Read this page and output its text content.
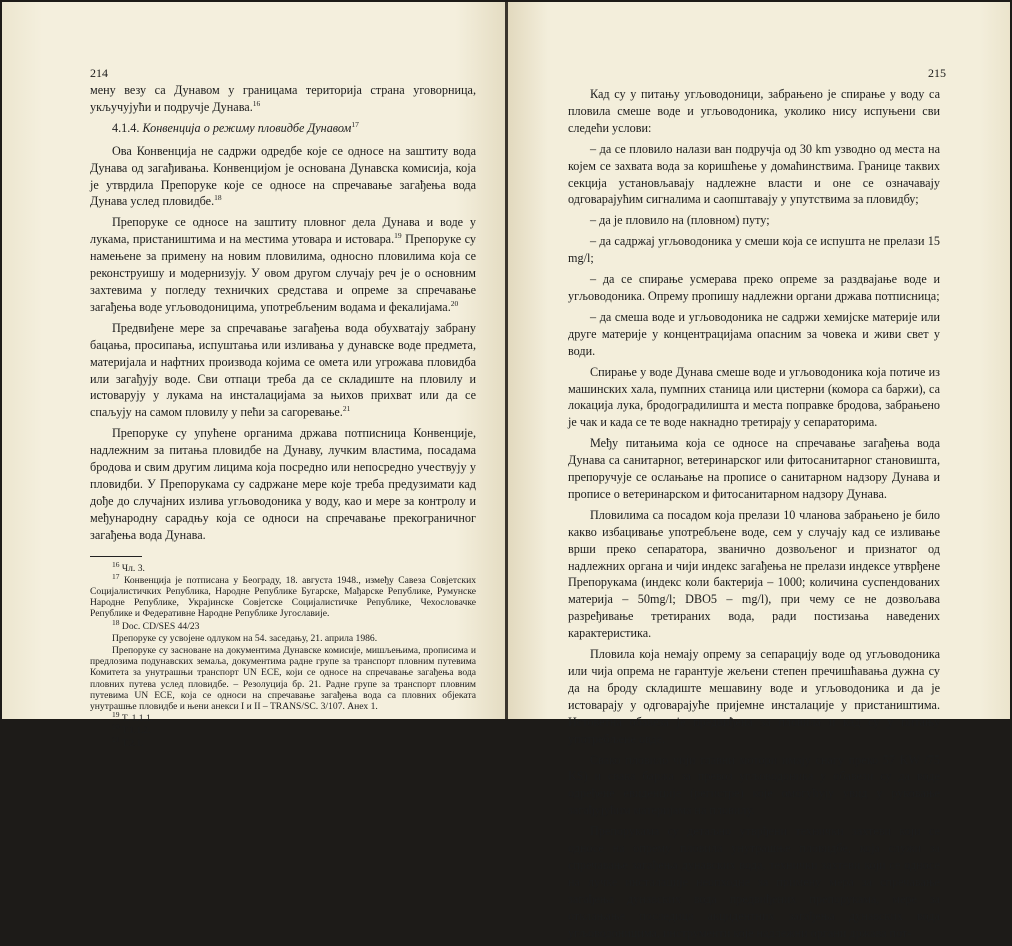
214

мену везу са Дунавом у границама територија страна уговорница, укључујући и подручје Дунава.$^{16}$

4.1.4. Конвенција о режиму пловидбе Дунавом$^{17}$

Ова Конвенција не садржи одредбе које се односе на заштиту вода Дунава од загађивања. Конвенцијом је основана Дунавска комисија, која је утврдила Препоруке које се односе на спречавање загађења вода Дунава услед пловидбе.$^{18}$

Препоруке се односе на заштиту пловног дела Дунава и воде у лукама, пристаништима и на местима утовара и истовара.$^{19}$ Препоруке су намењене за примену на новим пловилима, односно пловилима која се реконструишу и модернизују. У овом другом случају реч је о основним захтевима у погледу техничких средстава и опреме за спречавање загађења воде угљоводоницима, употребљеним водама и фекалијама.$^{20}$

Предвиђене мере за спречавање загађења вода обухватају забрану бацања, просипања, испуштања или изливања у дунавске воде предмета, материјала и нафтних производа којима се омета или угрожава пловидба или загађују воде. Сви отпаци треба да се складиште на пловилу и истоварују у лукама на инсталацијама за њихов прихват или да се спаљују на самом пловилу у пећи за сагоревање.$^{21}$

Препоруке су упућене органима држава потписница Конвенције, надлежним за питања пловидбе на Дунаву, лучким властима, посадама бродова и свим другим лицима која посредно или непосредно учествују у пловидби. У Препорукама су садржане мере које треба предузимати кад дође до случајних излива угљоводоника у воду, као и мере за контролу и међународну сарадњу која се односи на спречавање прекограничног загађења вода Дунава.

$^{16}$ Чл. 3.
$^{17}$ Конвенција је потписана у Београду, 18. августа 1948., између Савеза Совјетских Социјалистичких Република, Народне Републике Бугарске, Мађарске Републике, Румунске Народне Републике, Украјинске Совјетске Социјалистичке Републике, Чехословачке Републике и Федеративне Народне Републике Југославије.
$^{18}$ Doc. CD/SES 44/23
Препоруке су усвојене одлуком на 54. заседању, 21. априла 1986.
Препоруке су засноване на документима Дунавске комисије, мишљењима, прописима и предлозима подунавских земаља, документима радне групе за транспорт пловним путевима Комитета за унутрашњи транспорт UN ECE, који се односе на спречавање загађења вода пловних путева услед пловидбе. – Резолуција бр. 21. Радне групе за транспорт пловним путевима UN ECE, која се односи на спречавање загађења вода са пловних објеката унутрашње пловидбе и њени анекси I и II – TRANS/SC. 3/107. Анех 1.
$^{19}$ Т. 1.1.1.
$^{20}$ Т.1.1.2.
$^{21}$ Т.2.1.
215

Кад су у питању угљоводоници, забрањено је спирање у воду са пловила смеше воде и угљоводоника, уколико нису испуњени сви следећи услови:

– да се пловило налази ван подручја од 30 km узводно од места на којем се захвата вода за коришћење у домаћинствима. Границе таквих секција установљавају надлежне власти и оне се означавају одговарајућим сигналима и саопштавају у упутствима за пловидбу;

– да је пловило на (пловном) путу;

– да садржај угљоводоника у смеши која се испушта не прелази 15 mg/l;

– да се спирање усмерава преко опреме за раздвајање воде и угљоводоника. Опрему пропишу надлежни органи држава потписница;

– да смеша воде и угљоводоника не садржи хемијске материје или друге материје у концентрацијама опасним за човека и живи свет у води.

Спирање у воде Дунава смеше воде и угљоводоника која потиче из машинских хала, пумпних станица или цистерни (комора са баржи), са локација лука, бродоградилишта и места поправке бродова, забрањено је чак и када се те воде накнадно третирају у сепараторима.

Међу питањима која се односе на спречавање загађења вода Дунава са санитарног, ветеринарског или фитосанитарног становишта, препоручује се ослањање на прописе о санитарном надзору Дунава и прописе о ветеринарском и фитосанитарном надзору Дунава.

Пловилима са посадом која прелази 10 чланова забрањено је било какво избацивање употребљене воде, сем у случају кад се изливање врши преко сепаратора, званично дозвољеног и признатог од надлежних органа и чији индекс загађења не прелази индексе утврђене Препорукама (индекс коли бактерија – 1000; количина суспендованих материја – 50mg/l; DBO5 – mg/l), при чему се не дозвољава разређивање третираних вода, ради постизања наведених карактеристика.

Пловила која немају опрему за сепарацију воде од угљоводоника или чија опрема не гарантује жељени степен пречишћавања дужна су да на броду складиште мешавину воде и угљоводоника и да је истоварају у одговарајуће пријемне инсталације у пристаништима. Истоветна обавеза је предвиђена за пловила и кад су у питању употребљене овде.

Свако пловило чији главни мотори имају снагу преко 57 KW /75 KS) и свака баржа за превоз угљоводоника у обавези су да воде одређене евиденције (регистре) које омогућују увид у руковање загађујућим материјама на пловилу.

Препорукама су детаљно утврђени технички захтеви који се односе на опрему пловила унутрашње пловидбе, која служи за спречавање загађења дунавских вода, технички захтеви који се односе на лучке инсталације неопходне за примену мера за спречавање загађења дунавских вода предвиђених препорукама, мере за отклањање последица акцидентних загађења дунавских вода угљоводоницима, инструменти које надлежни органи држава пот-
